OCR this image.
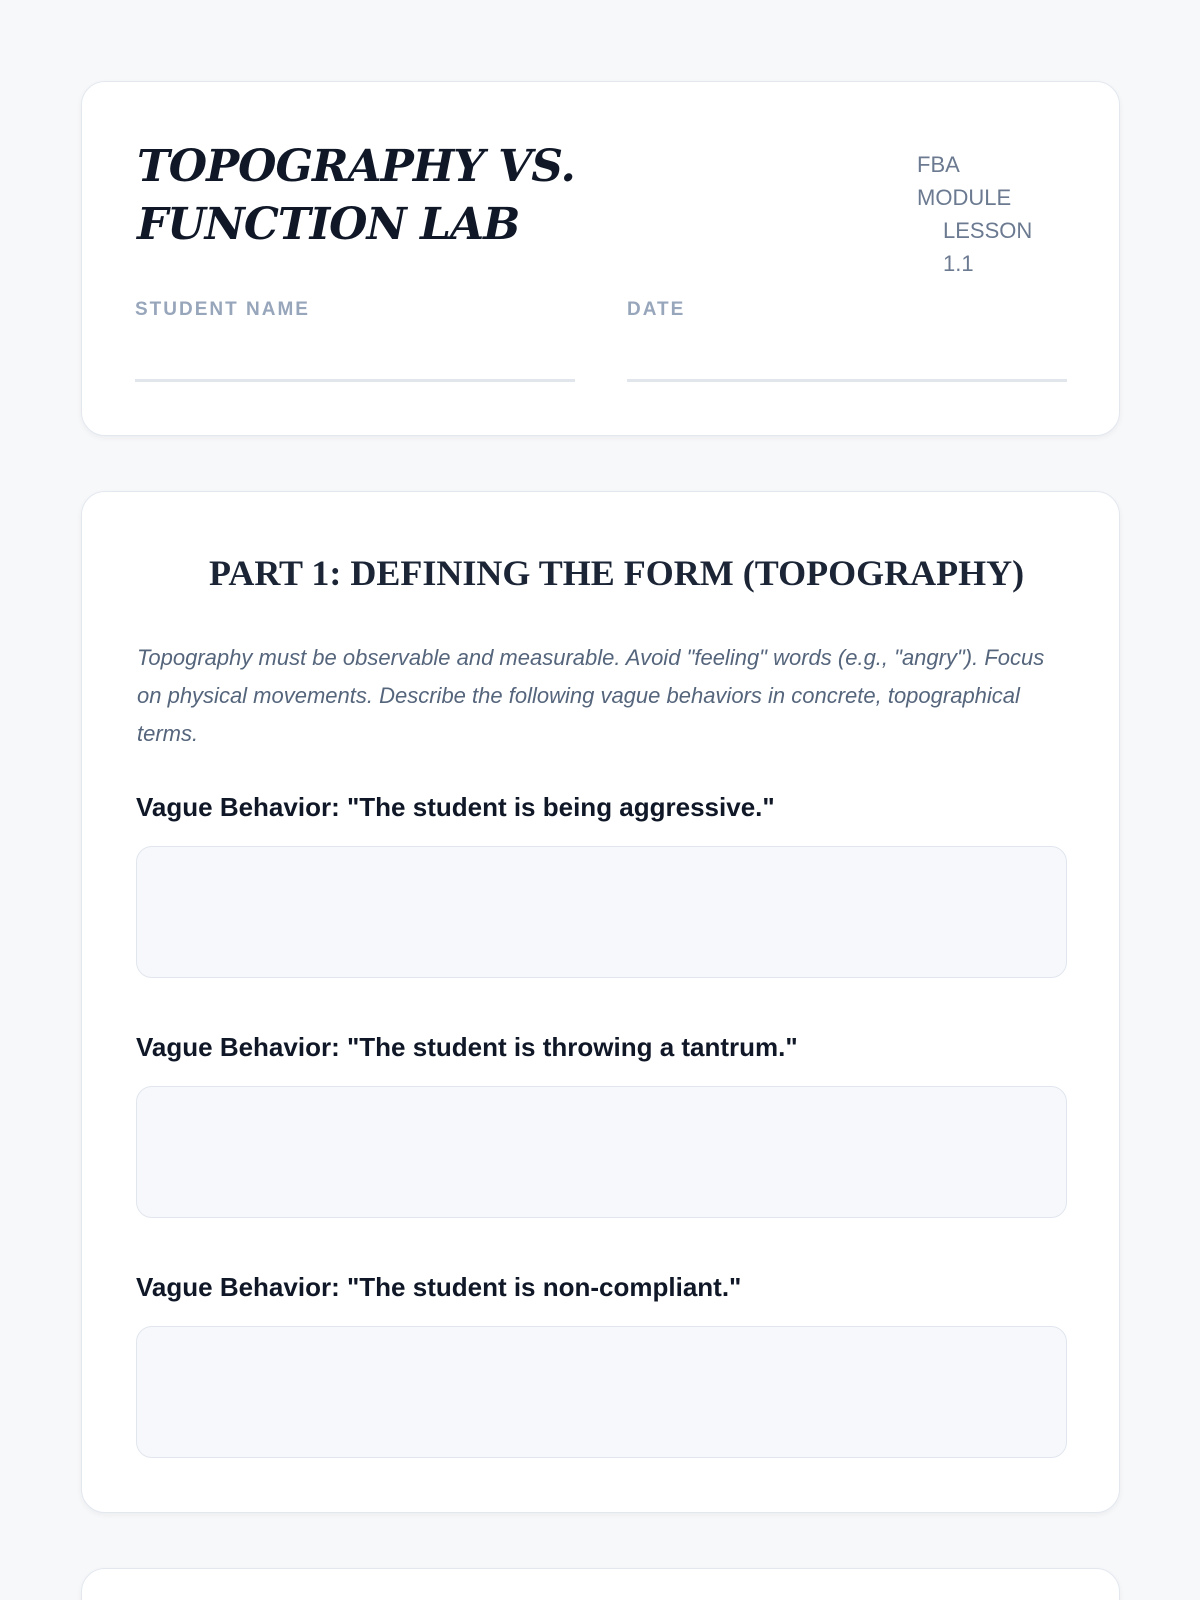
TOPOGRAPHY VS. FUNCTION LAB
FBA
MODULE
LESSON 1.1
STUDENT NAME	DATE
PART 1: DEFINING THE FORM (TOPOGRAPHY)

Topography must be observable and measurable. Avoid "feeling" words (e.g., "angry"). Focus on physical movements. Describe the following vague behaviors in concrete, topographical terms.

Vague Behavior: "The student is being aggressive."
Vague Behavior: "The student is throwing a tantrum."
Vague Behavior: "The student is non-compliant."
